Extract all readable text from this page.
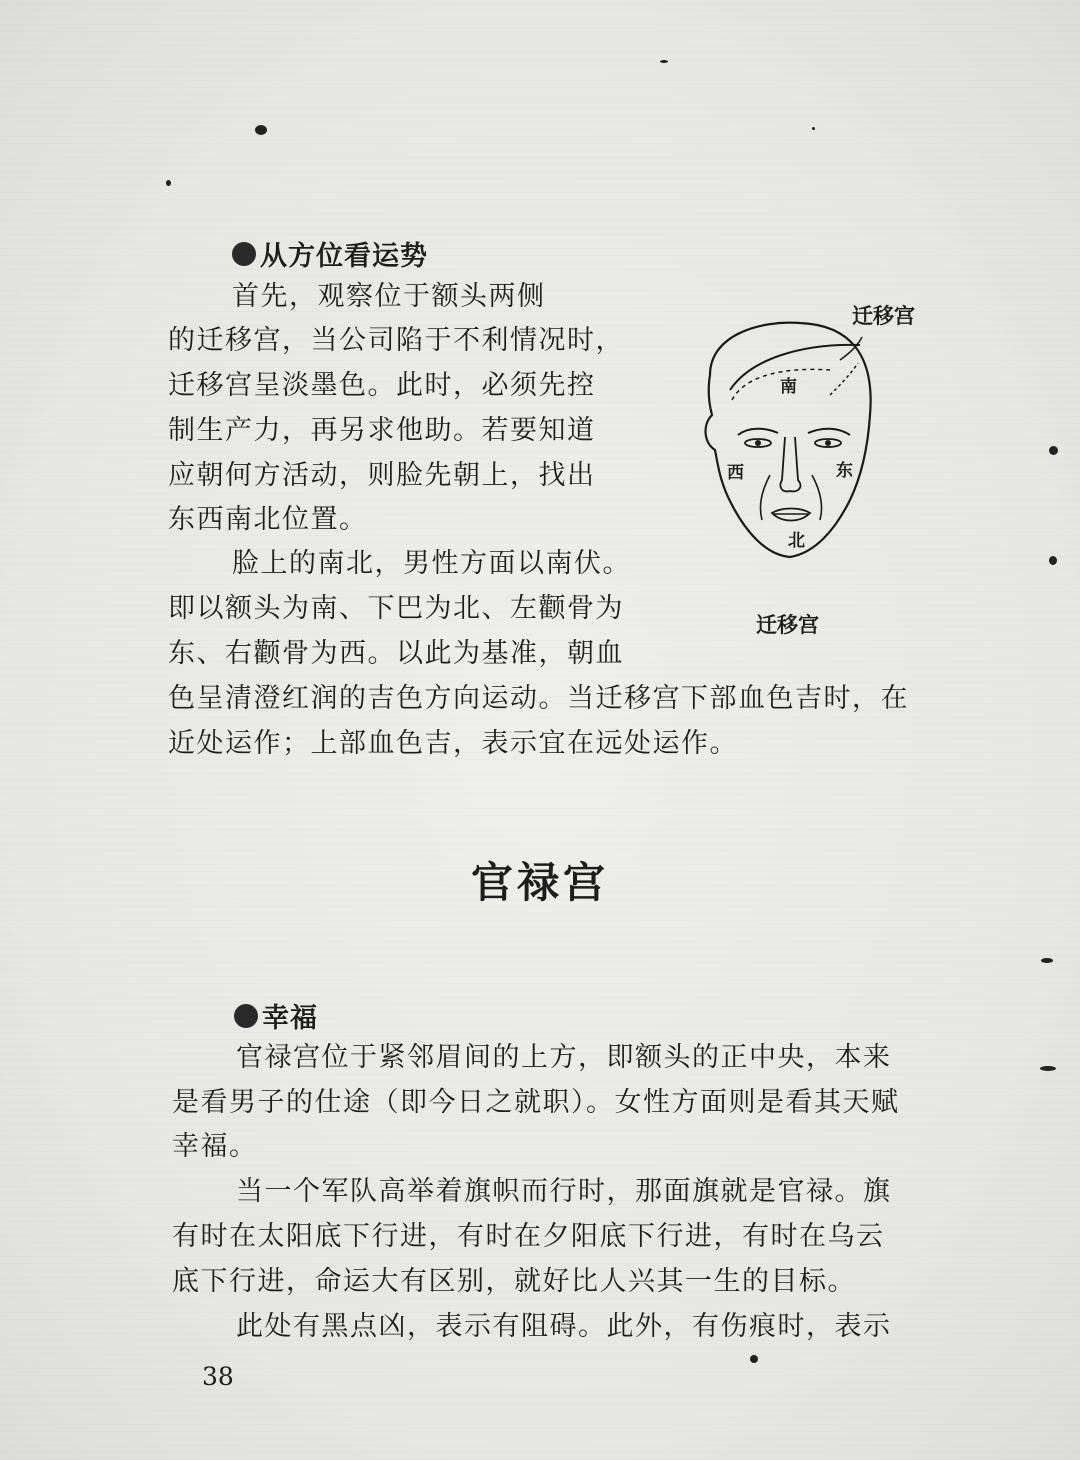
从方位看运势
首先，观察位于额头两侧
的迁移宫，当公司陷于不利情况时，
迁移宫呈淡墨色。此时，必须先控
制生产力，再另求他助。若要知道
应朝何方活动，则脸先朝上，找出
东西南北位置。
脸上的南北，男性方面以南伏。
即以额头为南、下巴为北、左颧骨为
东、右颧骨为西。以此为基准，朝血
色呈清澄红润的吉色方向运动。当迁移宫下部血色吉时，在
近处运作；上部血色吉，表示宜在远处运作。
迁移宫
南
西	东
北
迁移宫
官禄宫
幸福
官禄宫位于紧邻眉间的上方，即额头的正中央，本来
是看男子的仕途（即今日之就职）。女性方面则是看其天赋
幸福。
当一个军队高举着旗帜而行时，那面旗就是官禄。旗
有时在太阳底下行进，有时在夕阳底下行进，有时在乌云
底下行进，命运大有区别，就好比人兴其一生的目标。
此处有黑点凶，表示有阻碍。此外，有伤痕时，表示
38
